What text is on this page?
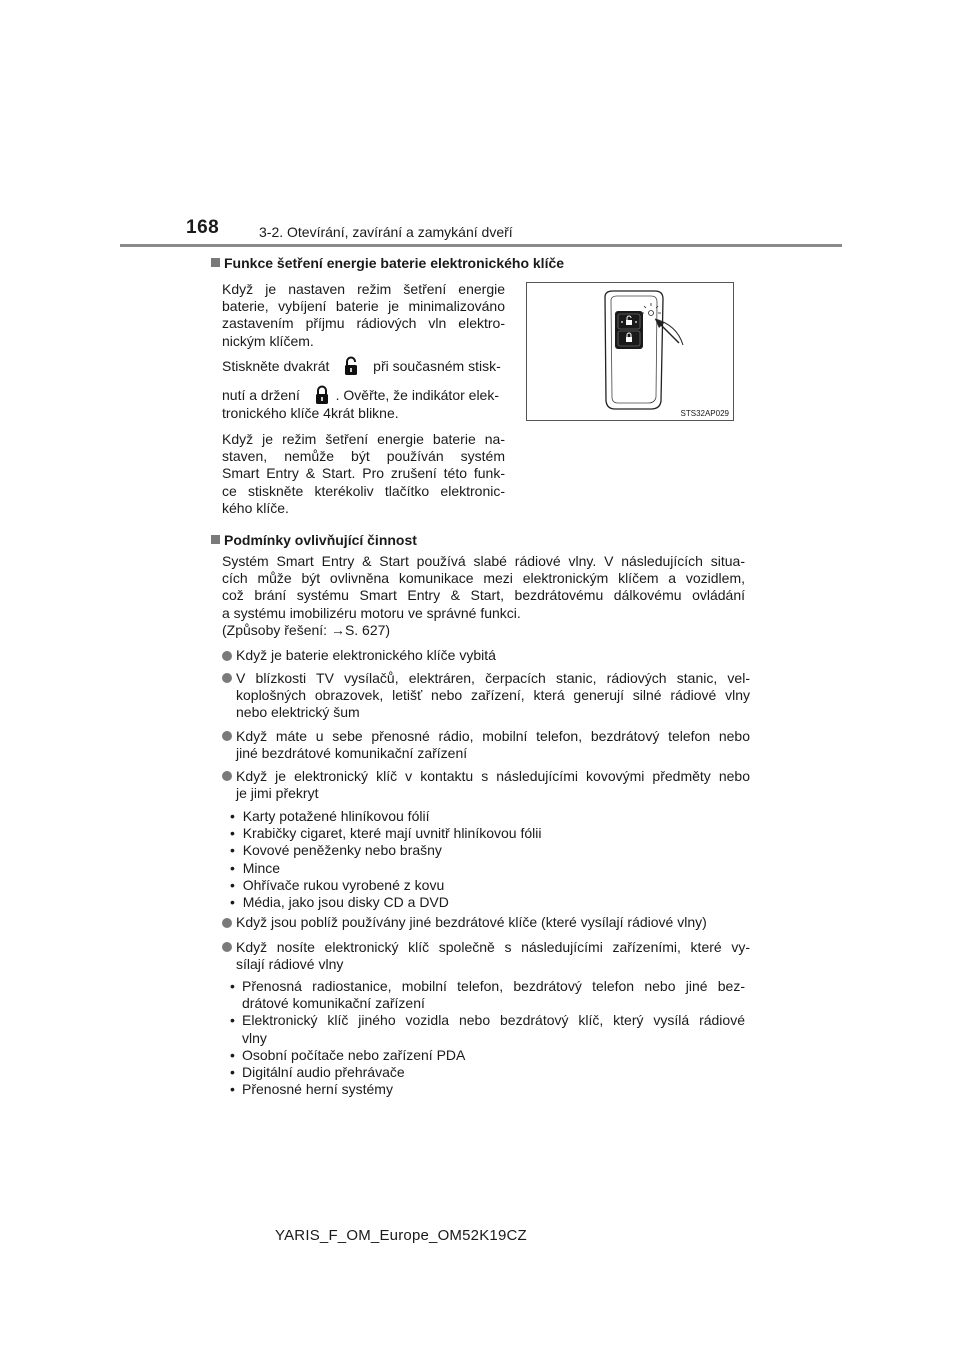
168	3-2. Otevírání, zavírání a zamykání dveří
Funkce šetření energie baterie elektronického klíče
Když je nastaven režim šetření energie
baterie, vybíjení baterie je minimalizováno
zastavením příjmu rádiových vln elektro-
nickým klíčem.
Stiskněte dvakrát	při současném stisk-
nutí a držení	. Ověřte, že indikátor elek-
tronického klíče 4krát blikne.
Když je režim šetření energie baterie na-
staven, nemůže být používán systém
Smart Entry & Start. Pro zrušení této funk-
ce stiskněte kterékoliv tlačítko elektronic-
kého klíče.
STS32AP029
Podmínky ovlivňující činnost
Systém Smart Entry & Start používá slabé rádiové vlny. V následujících situa-
cích může být ovlivněna komunikace mezi elektronickým klíčem a vozidlem,
což brání systému Smart Entry & Start, bezdrátovému dálkovému ovládání
a systému imobilizéru motoru ve správné funkci.
(Způsoby řešení: →S. 627)
Když je baterie elektronického klíče vybitá
V blízkosti TV vysílačů, elektráren, čerpacích stanic, rádiových stanic, vel-
koplošných obrazovek, letišť nebo zařízení, která generují silné rádiové vlny
nebo elektrický šum
Když máte u sebe přenosné rádio, mobilní telefon, bezdrátový telefon nebo
jiné bezdrátové komunikační zařízení
Když je elektronický klíč v kontaktu s následujícími kovovými předměty nebo
je jimi překryt
• Karty potažené hliníkovou fólií
• Krabičky cigaret, které mají uvnitř hliníkovou fólii
• Kovové peněženky nebo brašny
• Mince
• Ohřívače rukou vyrobené z kovu
• Média, jako jsou disky CD a DVD
Když jsou poblíž používány jiné bezdrátové klíče (které vysílají rádiové vlny)
Když nosíte elektronický klíč společně s následujícími zařízeními, které vy-
sílají rádiové vlny
• Přenosná radiostanice, mobilní telefon, bezdrátový telefon nebo jiné bez-
drátové komunikační zařízení
• Elektronický klíč jiného vozidla nebo bezdrátový klíč, který vysílá rádiové
vlny
• Osobní počítače nebo zařízení PDA
• Digitální audio přehrávače
• Přenosné herní systémy
YARIS_F_OM_Europe_OM52K19CZ
